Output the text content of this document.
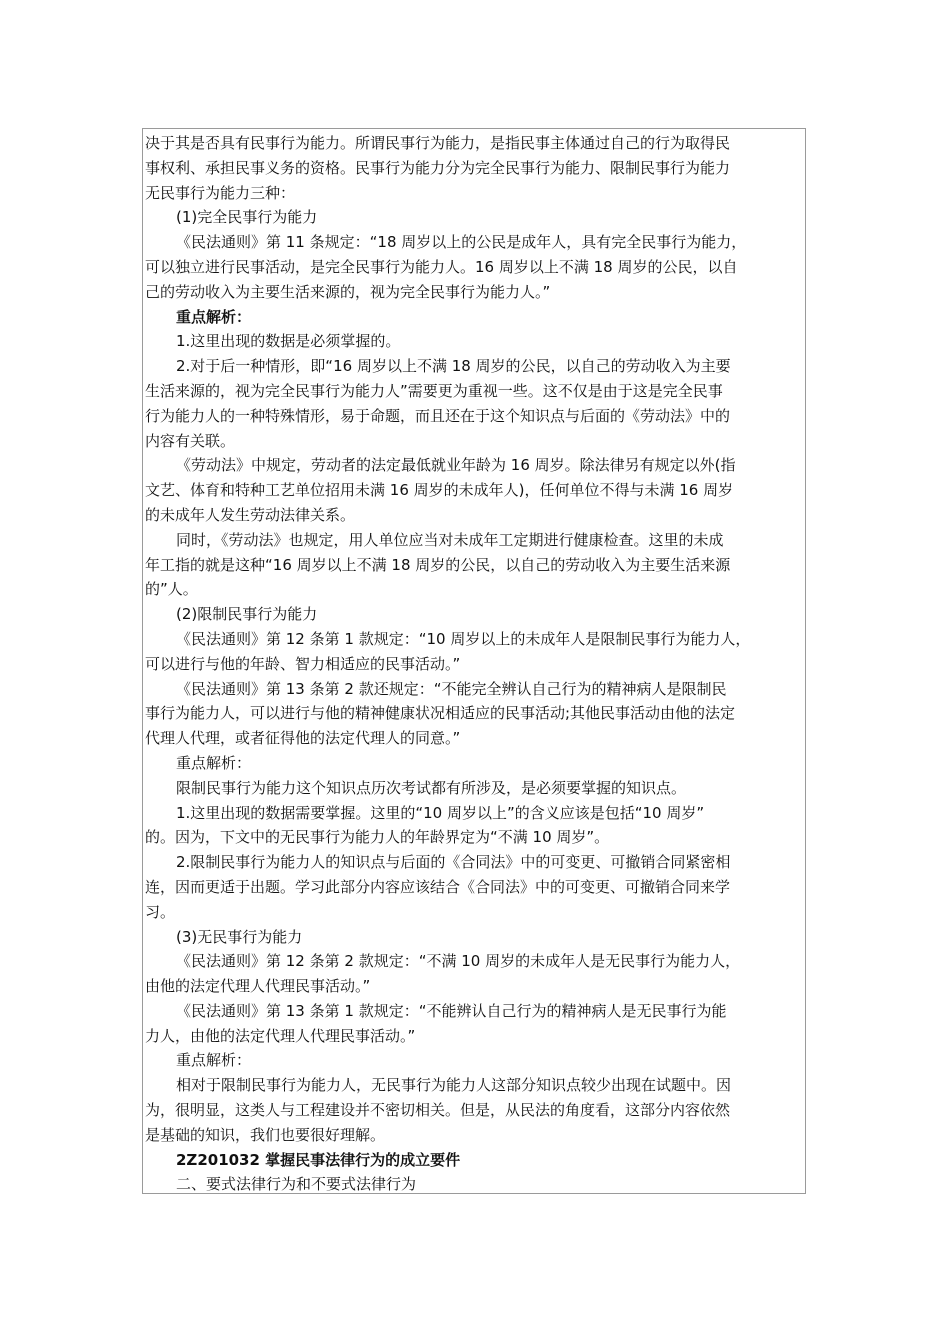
决于其是否具有民事行为能力。所谓民事行为能力，是指民事主体通过自己的行为取得民
事权利、承担民事义务的资格。民事行为能力分为完全民事行为能力、限制民事行为能力
无民事行为能力三种：

(1)完全民事行为能力

《民法通则》第 11 条规定：“18 周岁以上的公民是成年人，具有完全民事行为能力，
可以独立进行民事活动，是完全民事行为能力人。16 周岁以上不满 18 周岁的公民，以自
己的劳动收入为主要生活来源的，视为完全民事行为能力人。”

重点解析：

1.这里出现的数据是必须掌握的。

2.对于后一种情形，即“16 周岁以上不满 18 周岁的公民，以自己的劳动收入为主要
生活来源的，视为完全民事行为能力人”需要更为重视一些。这不仅是由于这是完全民事
行为能力人的一种特殊情形，易于命题，而且还在于这个知识点与后面的《劳动法》中的
内容有关联。

《劳动法》中规定，劳动者的法定最低就业年龄为 16 周岁。除法律另有规定以外(指
文艺、体育和特种工艺单位招用未满 16 周岁的未成年人)，任何单位不得与未满 16 周岁
的未成年人发生劳动法律关系。

同时，《劳动法》也规定，用人单位应当对未成年工定期进行健康检查。这里的未成
年工指的就是这种“16 周岁以上不满 18 周岁的公民，以自己的劳动收入为主要生活来源
的”人。

(2)限制民事行为能力

《民法通则》第 12 条第 1 款规定：“10 周岁以上的未成年人是限制民事行为能力人，
可以进行与他的年龄、智力相适应的民事活动。”

《民法通则》第 13 条第 2 款还规定：“不能完全辨认自己行为的精神病人是限制民
事行为能力人，可以进行与他的精神健康状况相适应的民事活动;其他民事活动由他的法定
代理人代理，或者征得他的法定代理人的同意。”

重点解析：

限制民事行为能力这个知识点历次考试都有所涉及，是必须要掌握的知识点。

1.这里出现的数据需要掌握。这里的“10 周岁以上”的含义应该是包括“10 周岁”
的。因为，下文中的无民事行为能力人的年龄界定为“不满 10 周岁”。

2.限制民事行为能力人的知识点与后面的《合同法》中的可变更、可撤销合同紧密相
连，因而更适于出题。学习此部分内容应该结合《合同法》中的可变更、可撤销合同来学
习。

(3)无民事行为能力

《民法通则》第 12 条第 2 款规定：“不满 10 周岁的未成年人是无民事行为能力人，
由他的法定代理人代理民事活动。”

《民法通则》第 13 条第 1 款规定：“不能辨认自己行为的精神病人是无民事行为能
力人，由他的法定代理人代理民事活动。”

重点解析：

相对于限制民事行为能力人，无民事行为能力人这部分知识点较少出现在试题中。因
为，很明显，这类人与工程建设并不密切相关。但是，从民法的角度看，这部分内容依然
是基础的知识，我们也要很好理解。

2Z201032 掌握民事法律行为的成立要件

二、要式法律行为和不要式法律行为
